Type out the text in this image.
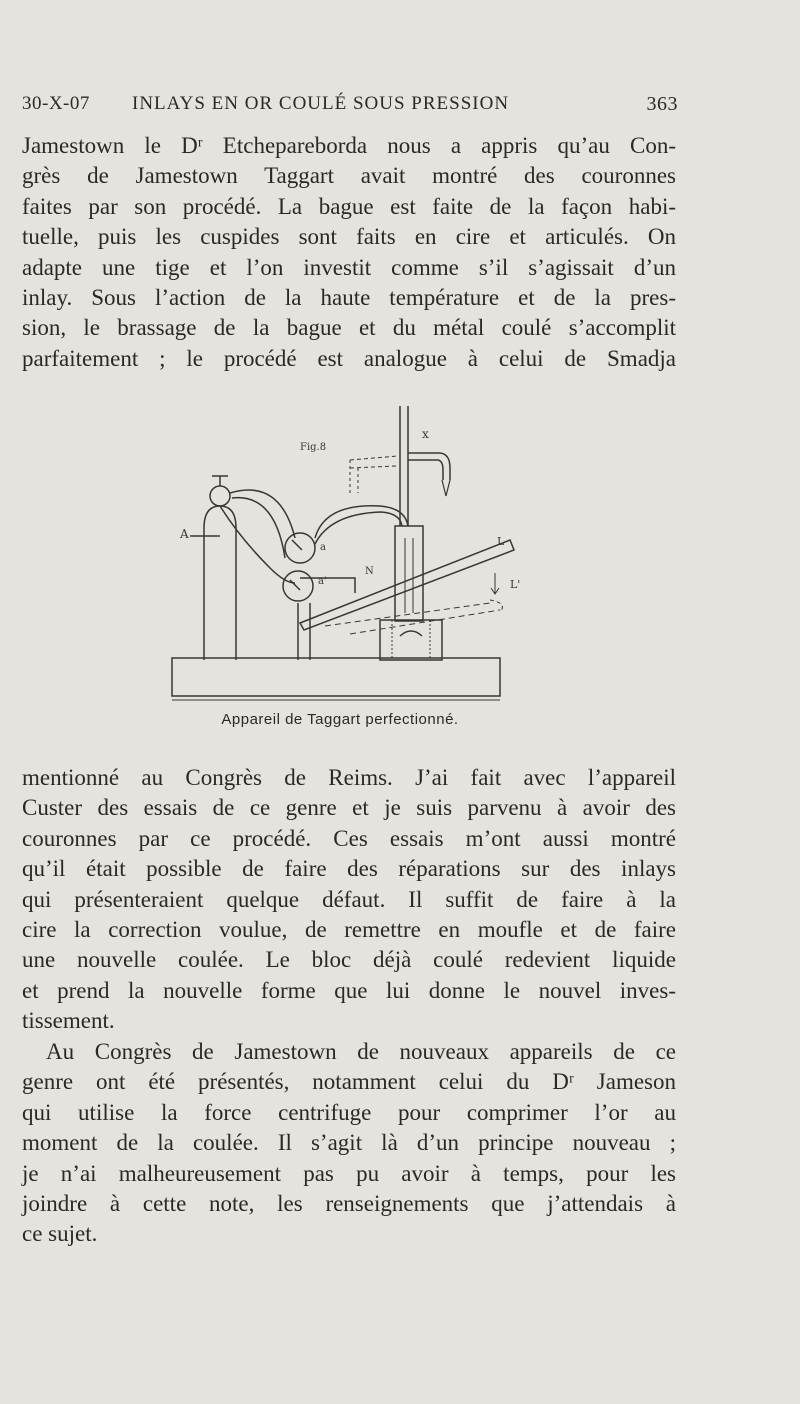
30-X-07 INLAYS EN OR COULÉ SOUS PRESSION	363
Jamestown le Dʳ Etchepareborda nous a appris qu’au Con-
grès de Jamestown Taggart avait montré des couronnes
faites par son procédé. La bague est faite de la façon habi-
tuelle, puis les cuspides sont faits en cire et articulés. On
adapte une tige et l’on investit comme s’il s’agissait d’un
inlay. Sous l’action de la haute température et de la pres-
sion, le brassage de la bague et du métal coulé s’accomplit
parfaitement ; le procédé est analogue à celui de Smadja
A
a
a'
L
L'
N
x
Fig.8
Appareil de Taggart perfectionné.
mentionné au Congrès de Reims. J’ai fait avec l’appareil
Custer des essais de ce genre et je suis parvenu à avoir des
couronnes par ce procédé. Ces essais m’ont aussi montré
qu’il était possible de faire des réparations sur des inlays
qui présenteraient quelque défaut. Il suffit de faire à la
cire la correction voulue, de remettre en moufle et de faire
une nouvelle coulée. Le bloc déjà coulé redevient liquide
et prend la nouvelle forme que lui donne le nouvel inves-
tissement.
Au Congrès de Jamestown de nouveaux appareils de ce
genre ont été présentés, notamment celui du Dʳ Jameson
qui utilise la force centrifuge pour comprimer l’or au
moment de la coulée. Il s’agit là d’un principe nouveau ;
je n’ai malheureusement pas pu avoir à temps, pour les
joindre à cette note, les renseignements que j’attendais à
ce sujet.
